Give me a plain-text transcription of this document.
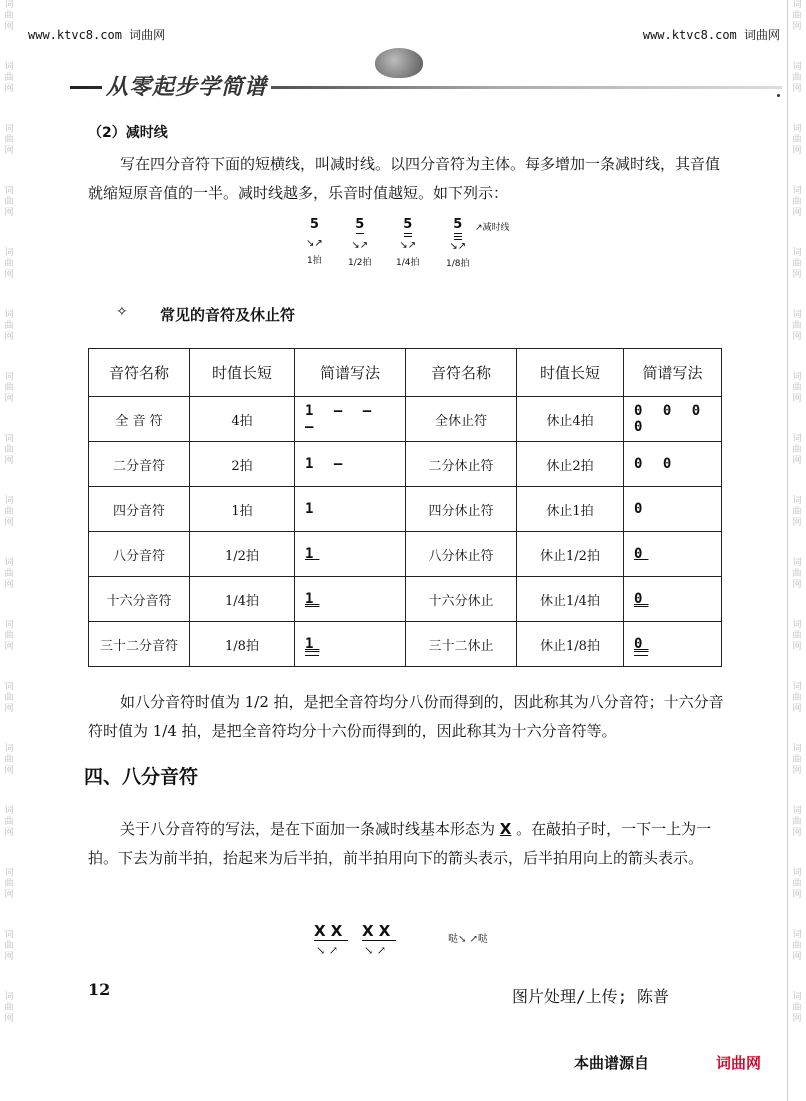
词曲网
词曲网
词曲网
词曲网
词曲网
词曲网
词曲网
词曲网
词曲网
词曲网
词曲网
词曲网
词曲网
词曲网
词曲网
词曲网
词曲网
词曲网
词曲网
词曲网
词曲网
词曲网
词曲网
词曲网
词曲网
词曲网
词曲网
词曲网
词曲网
词曲网
词曲网
词曲网
词曲网
词曲网
www.ktvc8.com 词曲网	www.ktvc8.com 词曲网
从零起步学简谱
（2）减时线
写在四分音符下面的短横线，叫减时线。以四分音符为主体。每多增加一条减时线，其音值就缩短原音值的一半。减时线越多，乐音时值越短。如下列示：
5
↘↗
1拍
5
↘↗
1/2拍
5
↘↗
1/4拍
5
↘↗
1/8拍
↗减时线
✧ 常见的音符及休止符
音符名称	时值长短	简谱写法	音符名称	时值长短	简谱写法
全 音 符	4拍	1 – – –	全休止符	休止4拍	0 0 0 0
二分音符	2拍	1 –	二分休止符	休止2拍	0 0
四分音符	1拍	1	四分休止符	休止1拍	0
八分音符	1/2拍	1	八分休止符	休止1/2拍	0
十六分音符	1/4拍	1	十六分休止	休止1/4拍	0
三十二分音符	1/8拍	1	三十二休止	休止1/8拍	0
如八分音符时值为 1/2 拍，是把全音符均分八份而得到的，因此称其为八分音符；十六分音符时值为 1/4 拍，是把全音符均分十六份而得到的，因此称其为十六分音符等。
四、八分音符
关于八分音符的写法，是在下面加一条减时线基本形态为 X 。在敲拍子时，一下一上为一拍。下去为前半拍，抬起来为后半拍，前半拍用向下的箭头表示，后半拍用向上的箭头表示。
X X X X
↘ ↗ ↘ ↗
哒↘ ↗哒
12	图片处理/上传; 陈普
本曲谱源自	词曲网
